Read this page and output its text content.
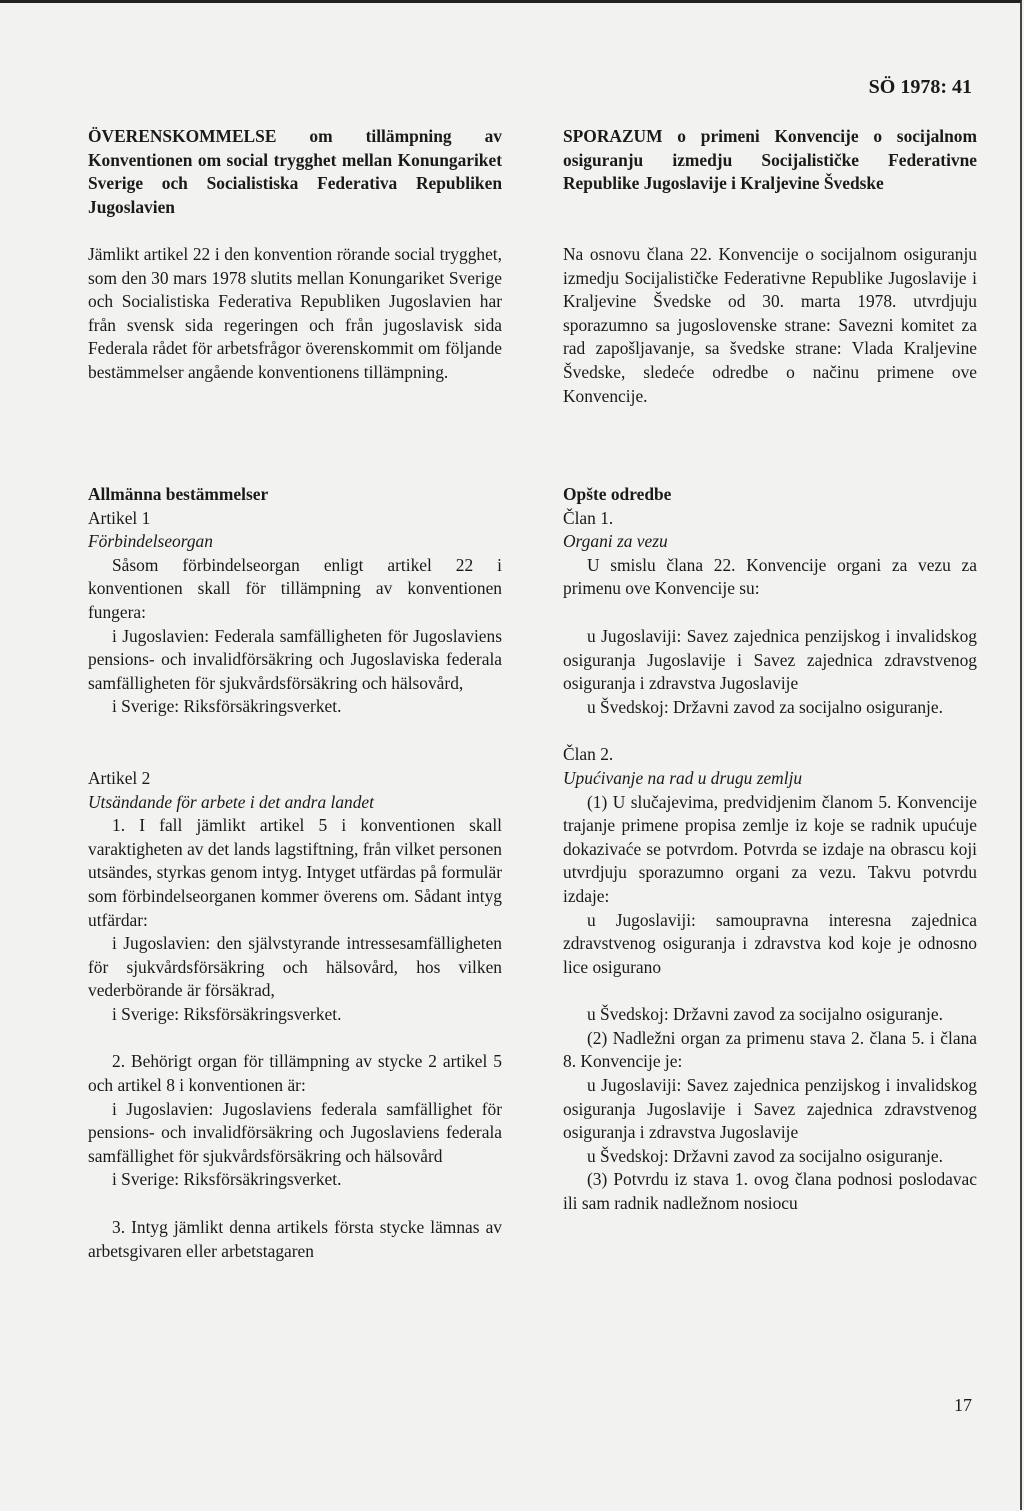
SÖ 1978: 41

ÖVERENSKOMMELSE om tillämpning av Konventionen om social trygghet mellan Konungariket Sverige och Socialistiska Federativa Republiken Jugoslavien

Jämlikt artikel 22 i den konvention rörande social trygghet, som den 30 mars 1978 slutits mellan Konungariket Sverige och Socialistiska Federativa Republiken Jugoslavien har från svensk sida regeringen och från jugoslavisk sida Federala rådet för arbetsfrågor överenskommit om följande bestämmelser angående konventionens tillämpning.

Allmänna bestämmelser

Artikel 1

Förbindelseorgan

Såsom förbindelseorgan enligt artikel 22 i konventionen skall för tillämpning av konventionen fungera:

i Jugoslavien: Federala samfälligheten för Jugoslaviens pensions- och invalidförsäkring och Jugoslaviska federala samfälligheten för sjukvårdsförsäkring och hälsovård,

i Sverige: Riksförsäkringsverket.

Artikel 2

Utsändande för arbete i det andra landet

1. I fall jämlikt artikel 5 i konventionen skall varaktigheten av det lands lagstiftning, från vilket personen utsändes, styrkas genom intyg. Intyget utfärdas på formulär som förbindelseorganen kommer överens om. Sådant intyg utfärdar:

i Jugoslavien: den självstyrande intressesamfälligheten för sjukvårdsförsäkring och hälsovård, hos vilken vederbörande är försäkrad,

i Sverige: Riksförsäkringsverket.

2. Behörigt organ för tillämpning av stycke 2 artikel 5 och artikel 8 i konventionen är:

i Jugoslavien: Jugoslaviens federala samfällighet för pensions- och invalidförsäkring och Jugoslaviens federala samfällighet för sjukvårdsförsäkring och hälsovård

i Sverige: Riksförsäkringsverket.

3. Intyg jämlikt denna artikels första stycke lämnas av arbetsgivaren eller arbetstagaren

SPORAZUM o primeni Konvencije o socijalnom osiguranju izmedju Socijalističke Federativne Republike Jugoslavije i Kraljevine Švedske

Na osnovu člana 22. Konvencije o socijalnom osiguranju izmedju Socijalističke Federativne Republike Jugoslavije i Kraljevine Švedske od 30. marta 1978. utvrdjuju sporazumno sa jugoslovenske strane: Savezni komitet za rad zapošljavanje, sa švedske strane: Vlada Kraljevine Švedske, sledeće odredbe o načinu primene ove Konvencije.

Opšte odredbe

Član 1.

Organi za vezu

U smislu člana 22. Konvencije organi za vezu za primenu ove Konvencije su:

u Jugoslaviji: Savez zajednica penzijskog i invalidskog osiguranja Jugoslavije i Savez zajednica zdravstvenog osiguranja i zdravstva Jugoslavije

u Švedskoj: Državni zavod za socijalno osiguranje.

Član 2.

Upućivanje na rad u drugu zemlju

(1) U slučajevima, predvidjenim članom 5. Konvencije trajanje primene propisa zemlje iz koje se radnik upućuje dokazivaće se potvrdom. Potvrda se izdaje na obrascu koji utvrdjuju sporazumno organi za vezu. Takvu potvrdu izdaje:

u Jugoslaviji: samoupravna interesna zajednica zdravstvenog osiguranja i zdravstva kod koje je odnosno lice osigurano

u Švedskoj: Državni zavod za socijalno osiguranje.

(2) Nadležni organ za primenu stava 2. člana 5. i člana 8. Konvencije je:

u Jugoslaviji: Savez zajednica penzijskog i invalidskog osiguranja Jugoslavije i Savez zajednica zdravstvenog osiguranja i zdravstva Jugoslavije

u Švedskoj: Državni zavod za socijalno osiguranje.

(3) Potvrdu iz stava 1. ovog člana podnosi poslodavac ili sam radnik nadležnom nosiocu

17
